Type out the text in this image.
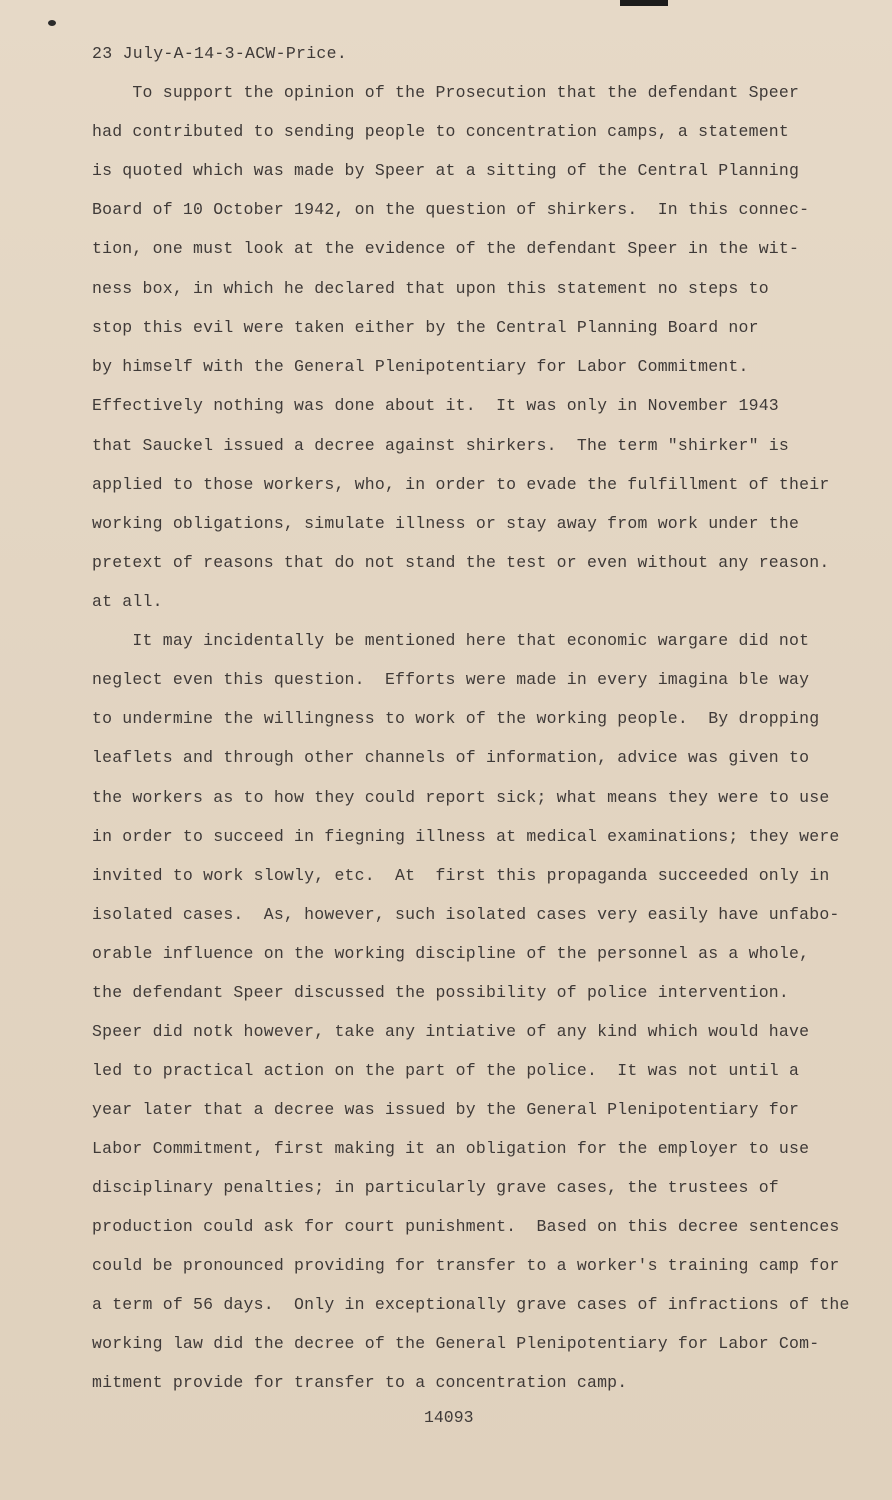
23 July-A-14-3-ACW-Price.
To support the opinion of the Prosecution that the defendant Speer
had contributed to sending people to concentration camps, a statement
is quoted which was made by Speer at a sitting of the Central Planning
Board of 10 October 1942, on the question of shirkers.  In this connec-
tion, one must look at the evidence of the defendant Speer in the wit-
ness box, in which he declared that upon this statement no steps to
stop this evil were taken either by the Central Planning Board nor
by himself with the General Plenipotentiary for Labor Commitment.
Effectively nothing was done about it.  It was only in November 1943
that Sauckel issued a decree against shirkers.  The term "shirker" is
applied to those workers, who, in order to evade the fulfillment of their
working obligations, simulate illness or stay away from work under the
pretext of reasons that do not stand the test or even without any reason.
at all.
It may incidentally be mentioned here that economic wargare did not
neglect even this question.  Efforts were made in every imagina ble way
to undermine the willingness to work of the working people.  By dropping
leaflets and through other channels of information, advice was given to
the workers as to how they could report sick; what means they were to use
in order to succeed in fiegning illness at medical examinations; they were
invited to work slowly, etc.  At  first this propaganda succeeded only in
isolated cases.  As, however, such isolated cases very easily have unfabo-
orable influence on the working discipline of the personnel as a whole,
the defendant Speer discussed the possibility of police intervention.
Speer did notk however, take any intiative of any kind which would have
led to practical action on the part of the police.  It was not until a
year later that a decree was issued by the General Plenipotentiary for
Labor Commitment, first making it an obligation for the employer to use
disciplinary penalties; in particularly grave cases, the trustees of
production could ask for court punishment.  Based on this decree sentences
could be pronounced providing for transfer to a worker's training camp for
a term of 56 days.  Only in exceptionally grave cases of infractions of the
working law did the decree of the General Plenipotentiary for Labor Com-
mitment provide for transfer to a concentration camp.
14093
